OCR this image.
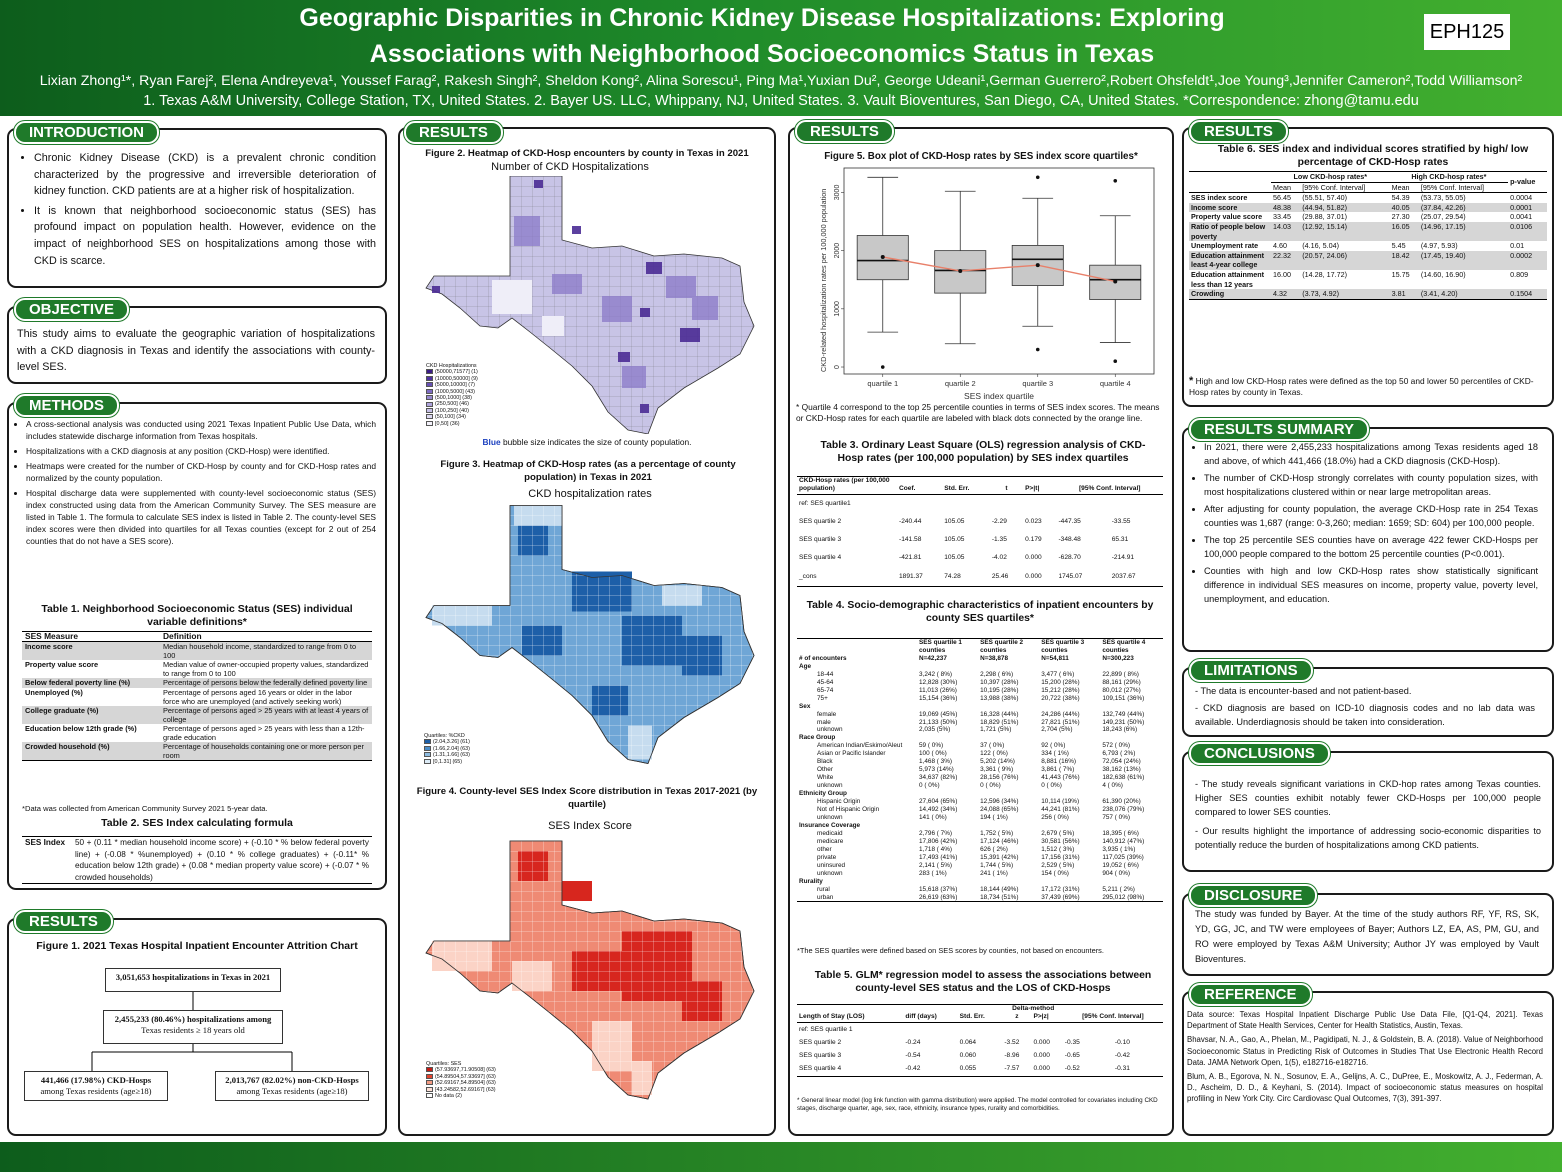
Geographic Disparities in Chronic Kidney Disease Hospitalizations: Exploring
Associations with Neighborhood Socioeconomics Status in Texas
Lixian Zhong¹*, Ryan Farej², Elena Andreyeva¹, Youssef Farag², Rakesh Singh², Sheldon Kong², Alina Sorescu¹, Ping Ma¹,Yuxian Du², George Udeani¹,German Guerrero²,Robert Ohsfeldt¹,Joe Young³,Jennifer Cameron²,Todd Williamson²
1. Texas A&M University, College Station, TX, United States. 2. Bayer US. LLC, Whippany, NJ, United States. 3. Vault Bioventures, San Diego, CA, United States. *Correspondence: zhong@tamu.edu
EPH125
INTRODUCTION
• Chronic Kidney Disease (CKD) is a prevalent chronic condition characterized by the progressive and irreversible deterioration of kidney function. CKD patients are at a higher risk of hospitalization.
• It is known that neighborhood socioeconomic status (SES) has profound impact on population health. However, evidence on the impact of neighborhood SES on hospitalizations among those with CKD is scarce.
OBJECTIVE
This study aims to evaluate the geographic variation of hospitalizations with a CKD diagnosis in Texas and identify the associations with county-level SES.
METHODS
• A cross-sectional analysis was conducted using 2021 Texas Inpatient Public Use Data, which includes statewide discharge information from Texas hospitals.
• Hospitalizations with a CKD diagnosis at any position (CKD-Hosp) were identified.
• Heatmaps were created for the number of CKD-Hosp by county and for CKD-Hosp rates and normalized by the county population.
• Hospital discharge data were supplemented with county-level socioeconomic status (SES) index constructed using data from the American Community Survey. The SES measure are listed in Table 1. The formula to calculate SES index is listed in Table 2. The county-level SES index scores were then divided into quartiles for all Texas counties (except for 2 out of 254 counties that do not have a SES score).
Table 1. Neighborhood Socioeconomic Status (SES) individual variable definitions*
SES Measure	Definition
Income score	Median household income, standardized to range from 0 to 100
Property value score	Median value of owner-occupied property values, standardized to range from 0 to 100
Below federal poverty line (%)	Percentage of persons below the federally defined poverty line
Unemployed (%)	Percentage of persons aged 16 years or older in the labor force who are unemployed (and actively seeking work)
College graduate (%)	Percentage of persons aged > 25 years with at least 4 years of college
Education below 12th grade (%)	Percentage of persons aged > 25 years with less than a 12th-grade education
Crowded household (%)	Percentage of households containing one or more person per room
*Data was collected from American Community Survey 2021 5-year data.
Table 2. SES Index calculating formula
SES Index	50 + (0.11 * median household income score) + (-0.10 * % below federal poverty line) + (-0.08 * %unemployed) + (0.10 * % college graduates) + (-0.11* % education below 12th grade) + (0.08 * median property value score) + (-0.07 * % crowded households)
RESULTS
Figure 1. 2021 Texas Hospital Inpatient Encounter Attrition Chart
3,051,653 hospitalizations in Texas in 2021
2,455,233 (80.46%) hospitalizations among
Texas residents ≥ 18 years old
441,466 (17.98%) CKD-Hosps
among Texas residents (age≥18)
2,013,767 (82.02%) non-CKD-Hosps
among Texas residents (age≥18)
RESULTS
Figure 2. Heatmap of CKD-Hosp encounters by county in Texas in 2021
Number of CKD Hospitalizations
CKD Hospitalizations
(50000,71577] (1)
(10000,50000] (9)
(5000,10000] (7)
(1000,5000] (43)
(500,1000] (38)
(250,500] (46)
(100,250] (40)
(50,100] (34)
[0,50] (36)
Blue bubble size indicates the size of county population.
Figure 3. Heatmap of CKD-Hosp rates (as a percentage of county population) in Texas in 2021
CKD hospitalization rates
Quartiles: %CKD
(2.04,3.26] (61)
(1.66,2.04] (63)
(1.31,1.66] (63)
[0,1.31] (65)
Figure 4. County-level SES Index Score distribution in Texas 2017-2021 (by quartile)
SES Index Score
Quartiles: SES
(57.93697,71.90508] (63)
(54.89504,57.93697] (63)
(52.69167,54.89504] (63)
[43.24582,52.69167] (63)
No data (2)
RESULTS
Figure 5. Box plot of CKD-Hosp rates by SES index score quartiles*
0
1000
2000
3000
quartile 1	quartile 2	quartile 3	quartile 4
CKD-related hospitalization rates per 100,000 population
SES index quartile
* Quartile 4 correspond to the top 25 percentile counties in terms of SES index scores. The means or CKD-Hosp rates for each quartile are labeled with black dots connected by the orange line.
Table 3. Ordinary Least Square (OLS) regression analysis of CKD-Hosp rates (per 100,000 population) by SES index quartiles
CKD-Hosp rates (per 100,000 population)	Coef.	Std. Err.	t	P>|t|	[95% Conf. Interval]	
ref: SES quartile1						
SES quartile 2	-240.44	105.05	-2.29	0.023	-447.35	-33.55
SES quartile 3	-141.58	105.05	-1.35	0.179	-348.48	65.31
SES quartile 4	-421.81	105.05	-4.02	0.000	-628.70	-214.91
_cons	1891.37	74.28	25.46	0.000	1745.07	2037.67
Table 4. Socio-demographic characteristics of inpatient encounters by county SES quartiles*
	SES quartile 1 counties	SES quartile 2 counties	SES quartile 3 counties	SES quartile 4 counties
# of encounters	N=42,237	N=38,878	N=54,811	N=300,223
Age				
18-44	3,242 ( 8%)	2,298 ( 6%)	3,477 ( 6%)	22,899 ( 8%)
45-64	12,828 (30%)	10,397 (28%)	15,200 (28%)	88,161 (29%)
65-74	11,013 (26%)	10,195 (28%)	15,212 (28%)	80,012 (27%)
75+	15,154 (36%)	13,988 (38%)	20,722 (38%)	109,151 (36%)
Sex				
female	19,069 (45%)	16,328 (44%)	24,286 (44%)	132,749 (44%)
male	21,133 (50%)	18,829 (51%)	27,821 (51%)	149,231 (50%)
unknown	2,035 (5%)	1,721 (5%)	2,704 (5%)	18,243 (6%)
Race Group				
American Indian/Eskimo/Aleut	59 ( 0%)	37 ( 0%)	92 ( 0%)	572 ( 0%)
Asian or Pacific Islander	100 ( 0%)	122 ( 0%)	334 ( 1%)	6,793 ( 2%)
Black	1,468 ( 3%)	5,202 (14%)	8,881 (16%)	72,054 (24%)
Other	5,973 (14%)	3,361 ( 9%)	3,861 ( 7%)	38,162 (13%)
White	34,637 (82%)	28,156 (76%)	41,443 (76%)	182,638 (61%)
unknown	0 ( 0%)	0 ( 0%)	0 ( 0%)	4 ( 0%)
Ethnicity Group				
Hispanic Origin	27,604 (65%)	12,596 (34%)	10,114 (19%)	61,390 (20%)
Not of Hispanic Origin	14,492 (34%)	24,088 (65%)	44,241 (81%)	238,076 (79%)
unknown	141 ( 0%)	194 ( 1%)	256 ( 0%)	757 ( 0%)
Insurance Coverage				
medicaid	2,796 ( 7%)	1,752 ( 5%)	2,679 ( 5%)	18,395 ( 6%)
medicare	17,806 (42%)	17,124 (46%)	30,581 (56%)	140,912 (47%)
other	1,718 ( 4%)	626 ( 2%)	1,512 ( 3%)	3,935 ( 1%)
private	17,493 (41%)	15,391 (42%)	17,156 (31%)	117,025 (39%)
uninsured	2,141 ( 5%)	1,744 ( 5%)	2,529 ( 5%)	19,052 ( 6%)
unknown	283 ( 1%)	241 ( 1%)	154 ( 0%)	904 ( 0%)
Rurality				
rural	15,618 (37%)	18,144 (49%)	17,172 (31%)	5,211 ( 2%)
urban	26,619 (63%)	18,734 (51%)	37,439 (69%)	295,012 (98%)
*The SES quartiles were defined based on SES scores by counties, not based on encounters.
Table 5. GLM* regression model to assess the associations between county-level SES status and the LOS of CKD-Hosps
	Delta-method					
Length of Stay (LOS)	diff (days)	Std. Err.	z	P>|z|	[95% Conf. Interval]	
ref: SES quartile 1						
SES quartile 2	-0.24	0.064	-3.52	0.000	-0.35	-0.10
SES quartile 3	-0.54	0.060	-8.96	0.000	-0.65	-0.42
SES quartile 4	-0.42	0.055	-7.57	0.000	-0.52	-0.31
* General linear model (log link function with gamma distribution) were applied. The model controlled for covariates including CKD stages, discharge quarter, age, sex, race, ethnicity, insurance types, rurality and comorbidities.
RESULTS
Table 6. SES index and individual scores stratified by high/ low percentage of CKD-Hosp rates
	Low CKD-hosp rates*		High CKD-hosp rates*		p-value
	Mean	[95% Conf. Interval]	Mean	[95% Conf. Interval]	
SES index score	56.45	(55.51, 57.40)	54.39	(53.73, 55.05)	0.0004
Income score	48.38	(44.94, 51.82)	40.05	(37.84, 42.26)	0.0001
Property value score	33.45	(29.88, 37.01)	27.30	(25.07, 29.54)	0.0041
Ratio of people below poverty	14.03	(12.92, 15.14)	16.05	(14.96, 17.15)	0.0106
Unemployment rate	4.60	(4.16, 5.04)	5.45	(4.97, 5.93)	0.01
Education attainment least 4-year college	22.32	(20.57, 24.06)	18.42	(17.45, 19.40)	0.0002
Education attainment less than 12 years	16.00	(14.28, 17.72)	15.75	(14.60, 16.90)	0.809
Crowding	4.32	(3.73, 4.92)	3.81	(3.41, 4.20)	0.1504
* High and low CKD-Hosp rates were defined as the top 50 and lower 50 percentiles of CKD-Hosp rates by county in Texas.
RESULTS SUMMARY
• In 2021, there were 2,455,233 hospitalizations among Texas residents aged 18 and above, of which 441,466 (18.0%) had a CKD diagnosis (CKD-Hosp).
• The number of CKD-Hosp strongly correlates with county population sizes, with most hospitalizations clustered within or near large metropolitan areas.
• After adjusting for county population, the average CKD-Hosp rate in 254 Texas counties was 1,687 (range: 0-3,260; median: 1659; SD: 604) per 100,000 people.
• The top 25 percentile SES counties have on average 422 fewer CKD-Hosps per 100,000 people compared to the bottom 25 percentile counties (P<0.001).
• Counties with high and low CKD-Hosp rates show statistically significant difference in individual SES measures on income, property value, poverty level, unemployment, and education.
LIMITATIONS

- The data is encounter-based and not patient-based.

- CKD diagnosis are based on ICD-10 diagnosis codes and no lab data was available. Underdiagnosis should be taken into consideration.

CONCLUSIONS

- The study reveals significant variations in CKD-hop rates among Texas counties. Higher SES counties exhibit notably fewer CKD-Hosps per 100,000 people compared to lower SES counties.

- Our results highlight the importance of addressing socio-economic disparities to potentially reduce the burden of hospitalizations among CKD patients.

DISCLOSURE
The study was funded by Bayer. At the time of the study authors RF, YF, RS, SK, YD, GG, JC, and TW were employees of Bayer; Authors LZ, EA, AS, PM, GU, and RO were employed by Texas A&M University; Author JY was employed by Vault Bioventures.
REFERENCE

Data source: Texas Hospital Inpatient Discharge Public Use Data File, [Q1-Q4, 2021]. Texas Department of State Health Services, Center for Health Statistics, Austin, Texas.

Bhavsar, N. A., Gao, A., Phelan, M., Pagidipati, N. J., & Goldstein, B. A. (2018). Value of Neighborhood Socioeconomic Status in Predicting Risk of Outcomes in Studies That Use Electronic Health Record Data. JAMA Network Open, 1(5), e182716-e182716.

Blum, A. B., Egorova, N. N., Sosunov, E. A., Gelijns, A. C., DuPree, E., Moskowitz, A. J., Federman, A. D., Ascheim, D. D., & Keyhani, S. (2014). Impact of socioeconomic status measures on hospital profiling in New York City. Circ Cardiovasc Qual Outcomes, 7(3), 391-397.
